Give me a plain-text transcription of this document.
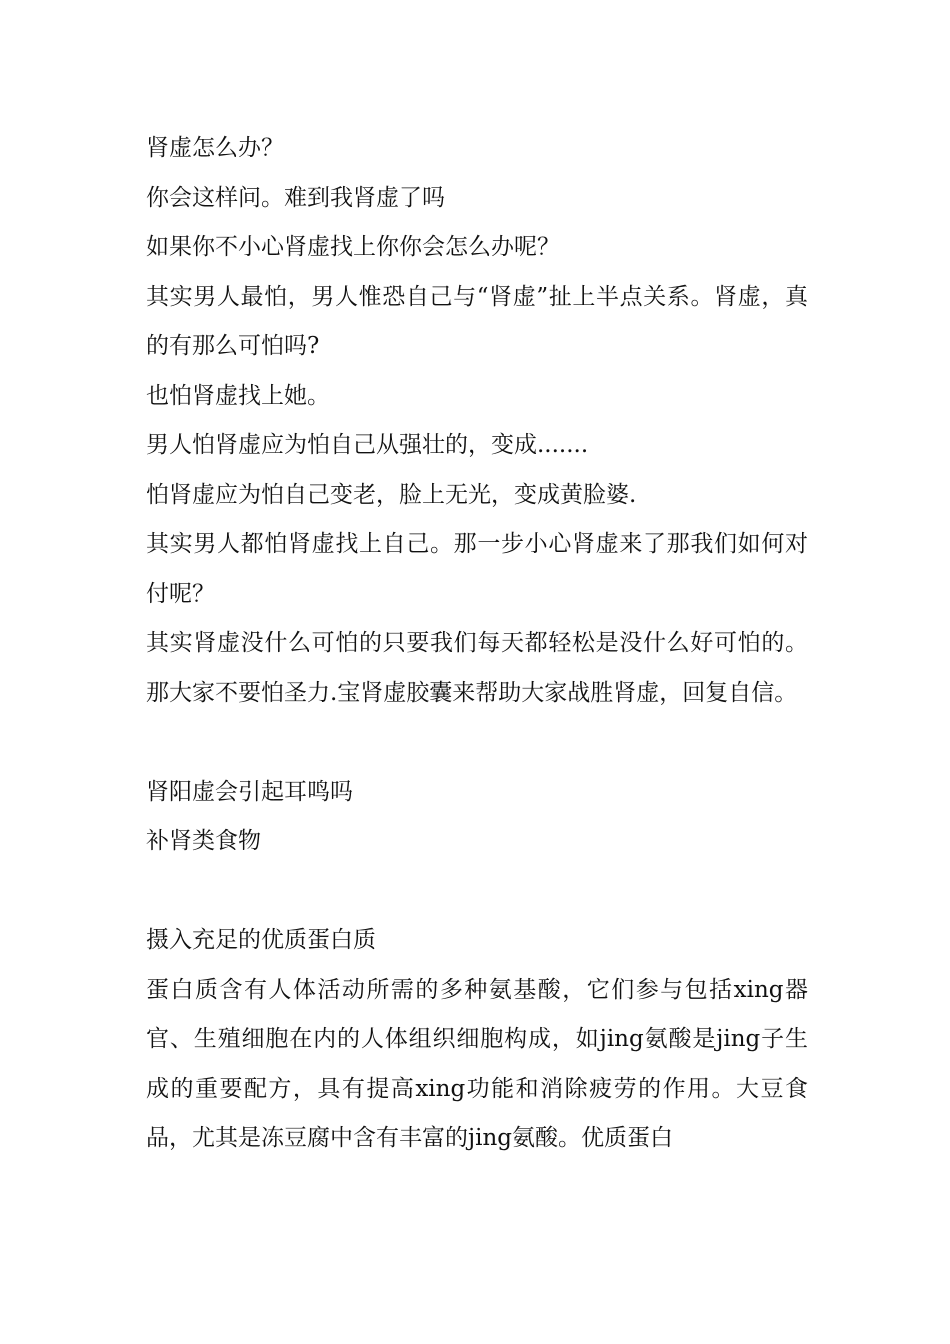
肾虚怎么办？

你会这样问。难到我肾虚了吗

如果你不小心肾虚找上你你会怎么办呢？

其实男人最怕，男人惟恐自己与“肾虚”扯上半点关系。肾虚，真的有那么可怕吗?

也怕肾虚找上她。

男人怕肾虚应为怕自己从强壮的，变成.......

怕肾虚应为怕自己变老，脸上无光，变成黄脸婆.

其实男人都怕肾虚找上自己。那一步小心肾虚来了那我们如何对付呢？

其实肾虚没什么可怕的只要我们每天都轻松是没什么好可怕的。那大家不要怕圣力.宝肾虚胶囊来帮助大家战胜肾虚，回复自信。

肾阳虚会引起耳鸣吗

补肾类食物

摄入充足的优质蛋白质

蛋白质含有人体活动所需的多种氨基酸，它们参与包括xing器官、生殖细胞在内的人体组织细胞构成，如jing氨酸是jing子生成的重要配方，具有提高xing功能和消除疲劳的作用。大豆食品，尤其是冻豆腐中含有丰富的jing氨酸。优质蛋白
